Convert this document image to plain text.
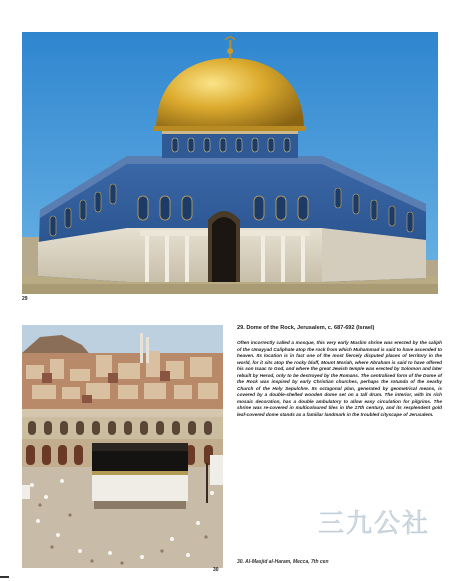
29
30
29. Dome of the Rock, Jerusalem, c. 687-692 (Israel)

Often incorrectly called a mosque, this very early Muslim shrine was erected by the caliph of the Umayyad Caliphate atop the rock from which Muhammad is said to have ascended to heaven. Its location is in fact one of the most fiercely disputed places of territory in the world, for it sits atop the rocky bluff, Mount Moriah, where Abraham is said to have offered his son Isaac to God, and where the great Jewish temple was erected by Solomon and later rebuilt by Herod, only to be destroyed by the Romans. The centralised form of the Dome of the Rock was inspired by early Christian churches, perhaps the rotunda of the nearby Church of the Holy Sepulchre. Its octagonal plan, generated by geometrical means, is covered by a double-shelled wooden dome set on a tall drum. The interior, with its rich mosaic decoration, has a double ambulatory to allow easy circulation for pilgrims. The shrine was re-covered in multicoloured tiles in the 17th century, and its resplendent gold leaf-covered dome stands as a familiar landmark in the troubled cityscape of Jerusalem.

30. Al-Masjid al-Haram, Mecca, 7th cen
三九公社
